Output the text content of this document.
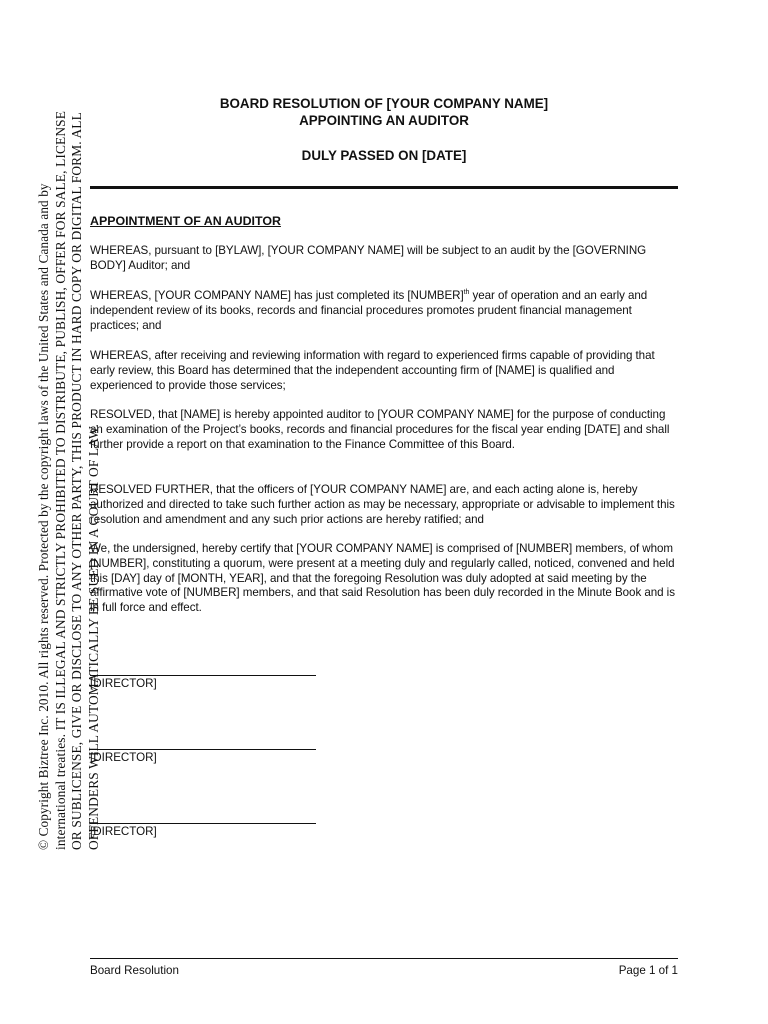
© Copyright Biztree Inc. 2010. All rights reserved. Protected by the copyright laws of the United States and Canada and by international treaties. IT IS ILLEGAL AND STRICTLY PROHIBITED TO DISTRIBUTE, PUBLISH, OFFER FOR SALE, LICENSE OR SUBLICENSE, GIVE OR DISCLOSE TO ANY OTHER PARTY, THIS PRODUCT IN HARD COPY OR DIGITAL FORM. ALL OFFENDERS WILL AUTOMATICALLY BE SUED IN A COURT OF LAW.
BOARD RESOLUTION OF [YOUR COMPANY NAME]
APPOINTING AN AUDITOR
DULY PASSED ON [DATE]
APPOINTMENT OF AN AUDITOR
WHEREAS, pursuant to [BYLAW], [YOUR COMPANY NAME] will be subject to an audit by the [GOVERNING BODY] Auditor; and
WHEREAS, [YOUR COMPANY NAME] has just completed its [NUMBER]$^{th}$ year of operation and an early and independent review of its books, records and financial procedures promotes prudent financial management practices; and
WHEREAS, after receiving and reviewing information with regard to experienced firms capable of providing that early review, this Board has determined that the independent accounting firm of [NAME] is qualified and experienced to provide those services;
RESOLVED, that [NAME] is hereby appointed auditor to [YOUR COMPANY NAME] for the purpose of conducting an examination of the Project’s books, records and financial procedures for the fiscal year ending [DATE] and shall further provide a report on that examination to the Finance Committee of this Board.
RESOLVED FURTHER, that the officers of [YOUR COMPANY NAME] are, and each acting alone is, hereby authorized and directed to take such further action as may be necessary, appropriate or advisable to implement this resolution and amendment and any such prior actions are hereby ratified; and
We, the undersigned, hereby certify that [YOUR COMPANY NAME] is comprised of [NUMBER] members, of whom [NUMBER], constituting a quorum, were present at a meeting duly and regularly called, noticed, convened and held this [DAY] day of [MONTH, YEAR], and that the foregoing Resolution was duly adopted at said meeting by the affirmative vote of [NUMBER] members, and that said Resolution has been duly recorded in the Minute Book and is in full force and effect.
[DIRECTOR]
[DIRECTOR]
[DIRECTOR]
Board Resolution	Page 1 of 1
